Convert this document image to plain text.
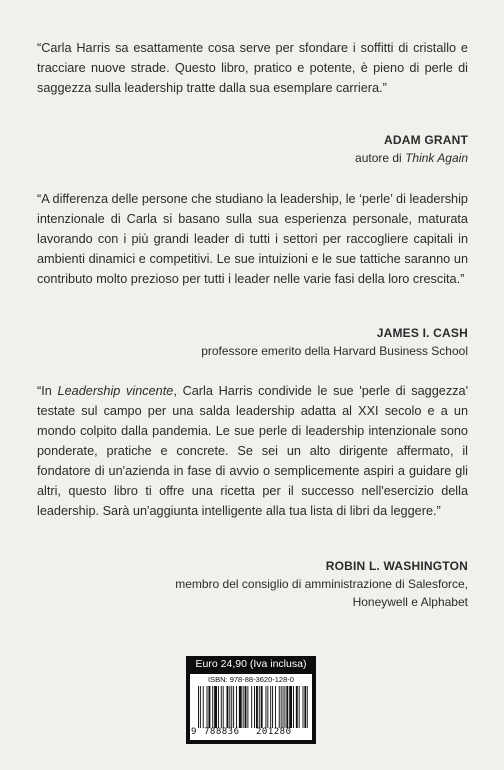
“Carla Harris sa esattamente cosa serve per sfondare i soffitti di cristallo e tracciare nuove strade. Questo libro, pratico e potente, è pieno di perle di saggezza sulla leadership tratte dalla sua esemplare carriera.”

ADAM GRANT
autore di Think Again

“A differenza delle persone che studiano la leadership, le ‘perle’ di leadership intenzionale di Carla si basano sulla sua esperienza personale, maturata lavorando con i più grandi leader di tutti i settori per raccogliere capitali in ambienti dinamici e competitivi. Le sue intuizioni e le sue tattiche saranno un contributo molto prezioso per tutti i leader nelle varie fasi della loro crescita.”

JAMES I. CASH
professore emerito della Harvard Business School

“In Leadership vincente, Carla Harris condivide le sue 'perle di saggezza' testate sul campo per una salda leadership adatta al XXI secolo e a un mondo colpito dalla pandemia. Le sue perle di leadership intenzionale sono ponderate, pratiche e concrete. Se sei un alto dirigente affermato, il fondatore di un'azienda in fase di avvio o semplicemente aspiri a guidare gli altri, questo libro ti offre una ricetta per il successo nell'esercizio della leadership. Sarà un'aggiunta intelligente alla tua lista di libri da leggere.”

ROBIN L. WASHINGTON
membro del consiglio di amministrazione di Salesforce,
Honeywell e Alphabet
Euro 24,90 (Iva inclusa)
ISBN: 978-88-3620-128-0
9 788836 201280
